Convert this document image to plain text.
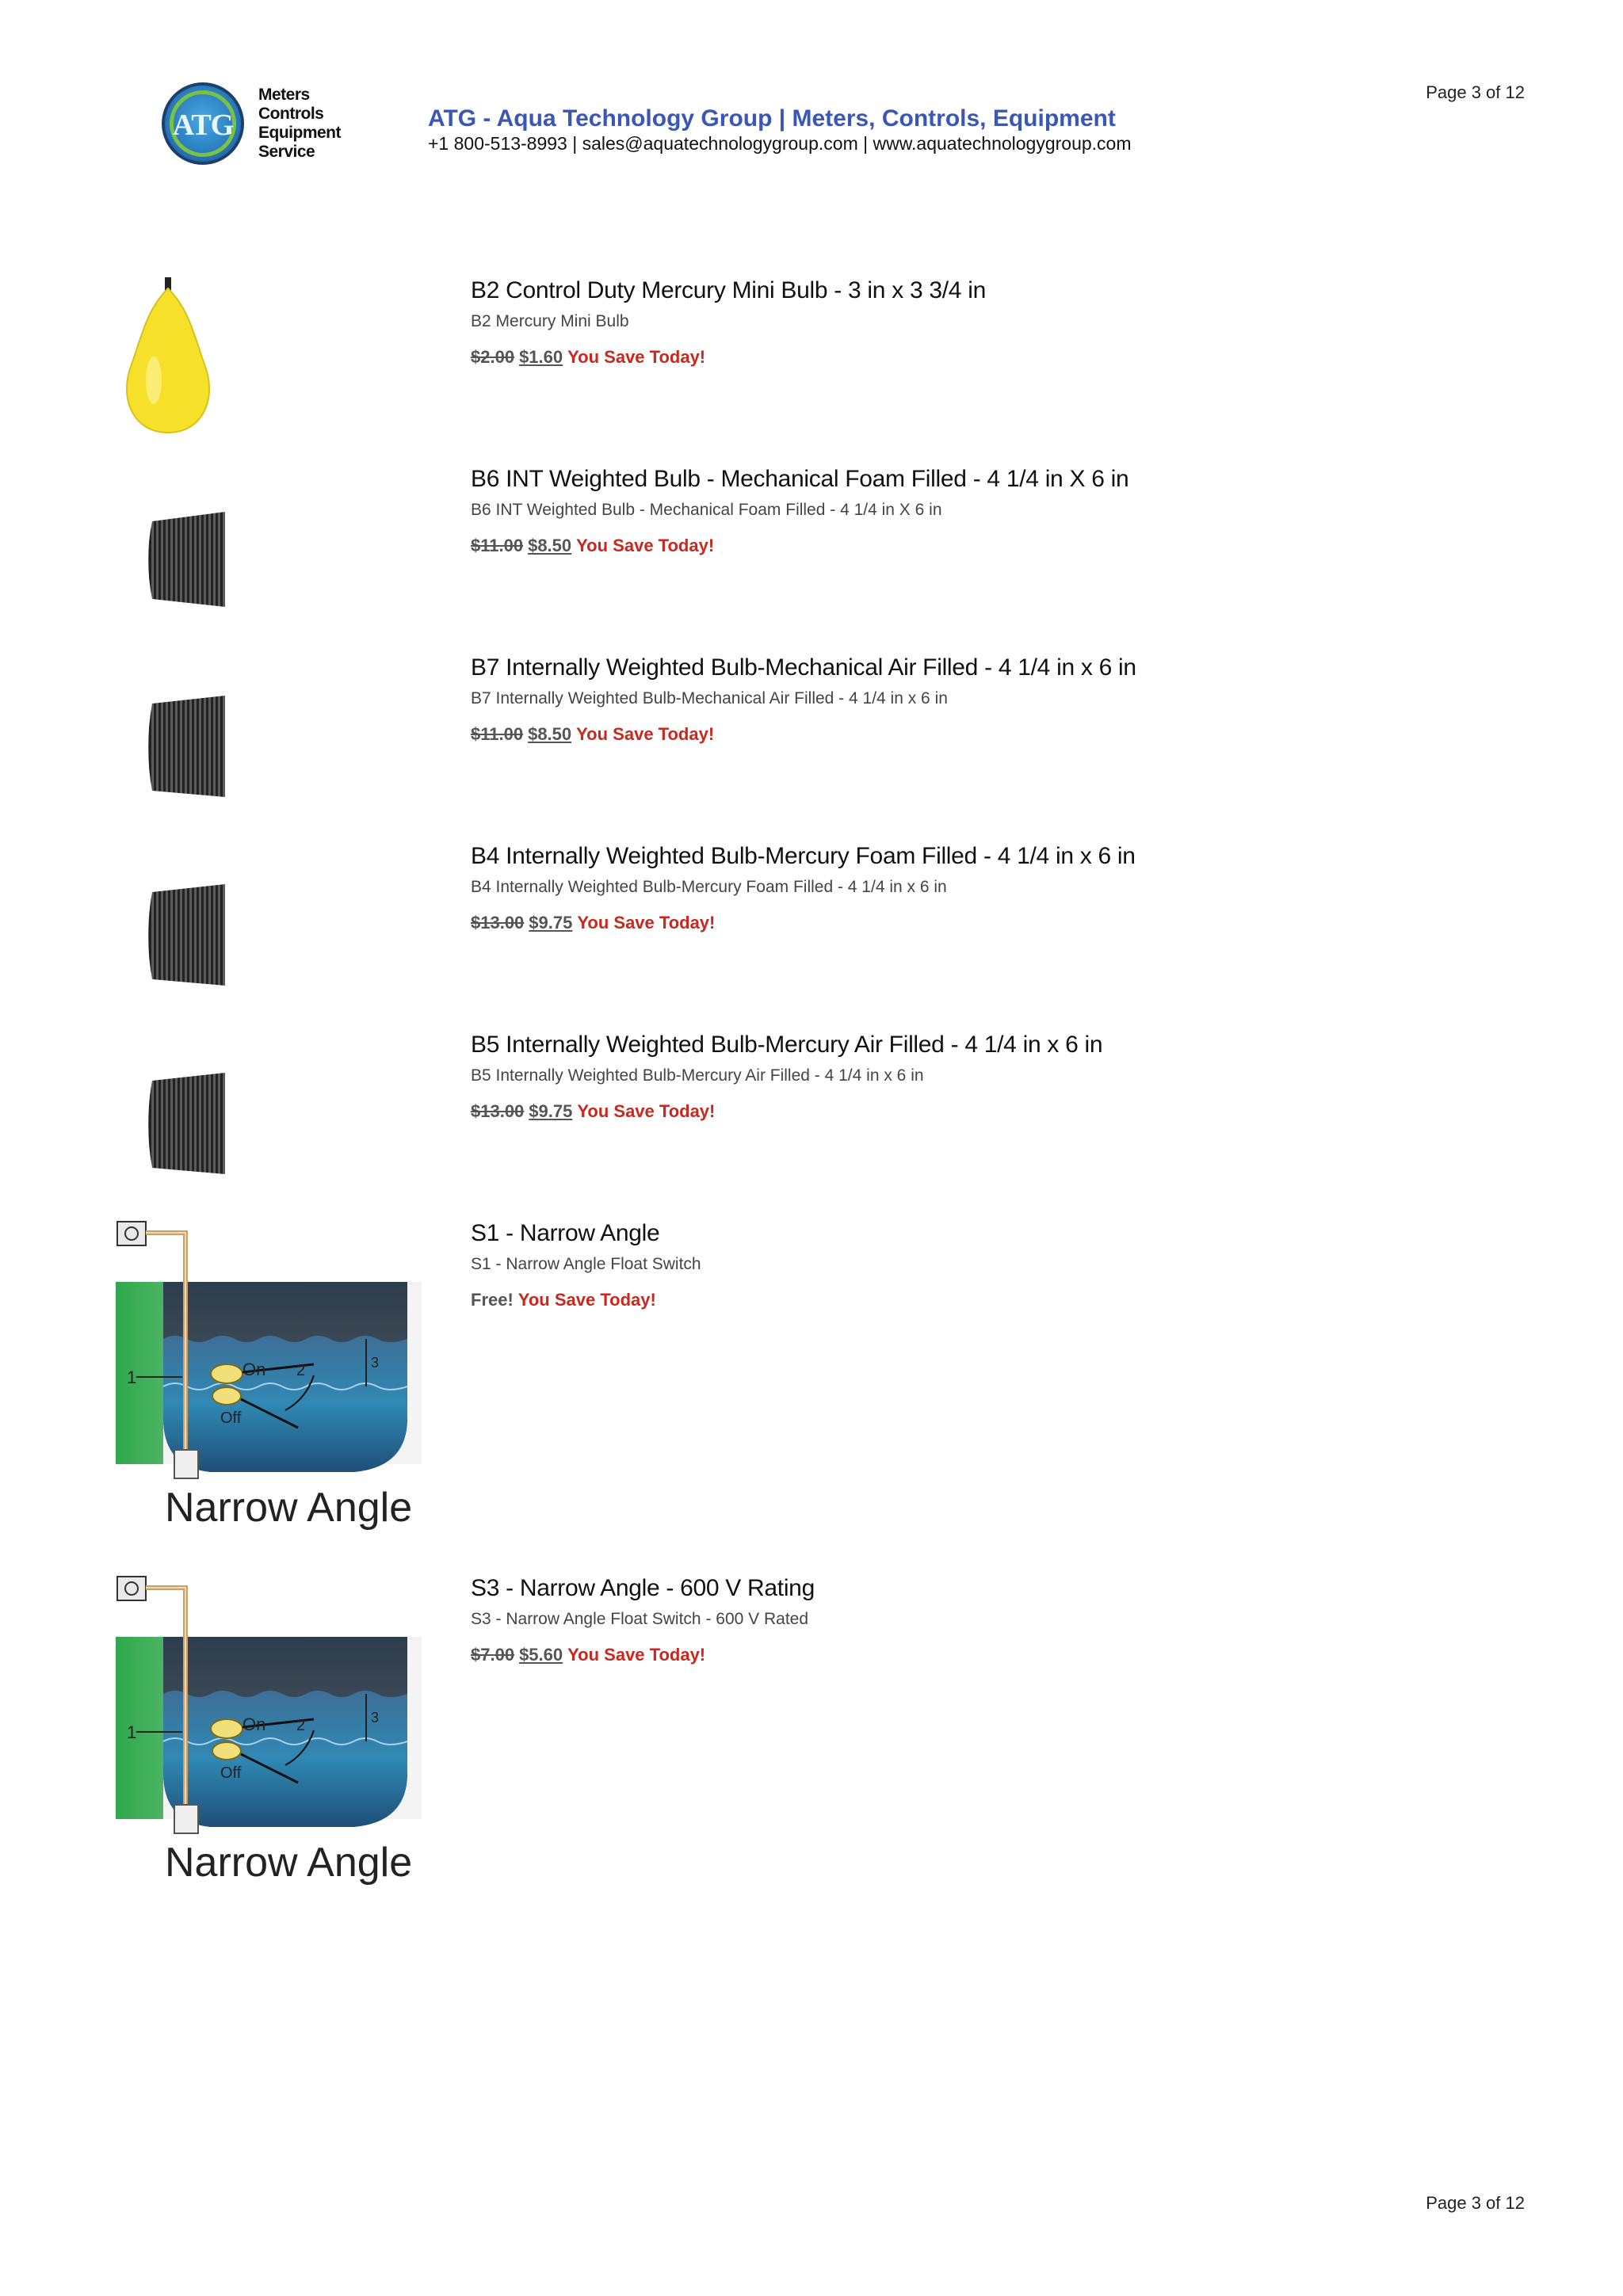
Page 3 of 12
Page 3 of 12
ATG
Meters
Controls
Equipment
Service
ATG - Aqua Technology Group | Meters, Controls, Equipment
+1 800-513-8993 | sales@aquatechnologygroup.com | www.aquatechnologygroup.com
B2 Control Duty Mercury Mini Bulb - 3 in x 3 3/4 in
B2 Mercury Mini Bulb
$2.00 $1.60 You Save Today!
B6 INT Weighted Bulb - Mechanical Foam Filled - 4 1/4 in X 6 in
B6 INT Weighted Bulb - Mechanical Foam Filled - 4 1/4 in X 6 in
$11.00 $8.50 You Save Today!
B7 Internally Weighted Bulb-Mechanical Air Filled - 4 1/4 in x 6 in
B7 Internally Weighted Bulb-Mechanical Air Filled - 4 1/4 in x 6 in
$11.00 $8.50 You Save Today!
B4 Internally Weighted Bulb-Mercury Foam Filled - 4 1/4 in x 6 in
B4 Internally Weighted Bulb-Mercury Foam Filled - 4 1/4 in x 6 in
$13.00 $9.75 You Save Today!
B5 Internally Weighted Bulb-Mercury Air Filled - 4 1/4 in x 6 in
B5 Internally Weighted Bulb-Mercury Air Filled - 4 1/4 in x 6 in
$13.00 $9.75 You Save Today!
On
Off
1	2	3
Narrow Angle
S1 - Narrow Angle
S1 - Narrow Angle Float Switch
Free! You Save Today!
On
Off
1	2	3
Narrow Angle
S3 - Narrow Angle - 600 V Rating
S3 - Narrow Angle Float Switch - 600 V Rated
$7.00 $5.60 You Save Today!
